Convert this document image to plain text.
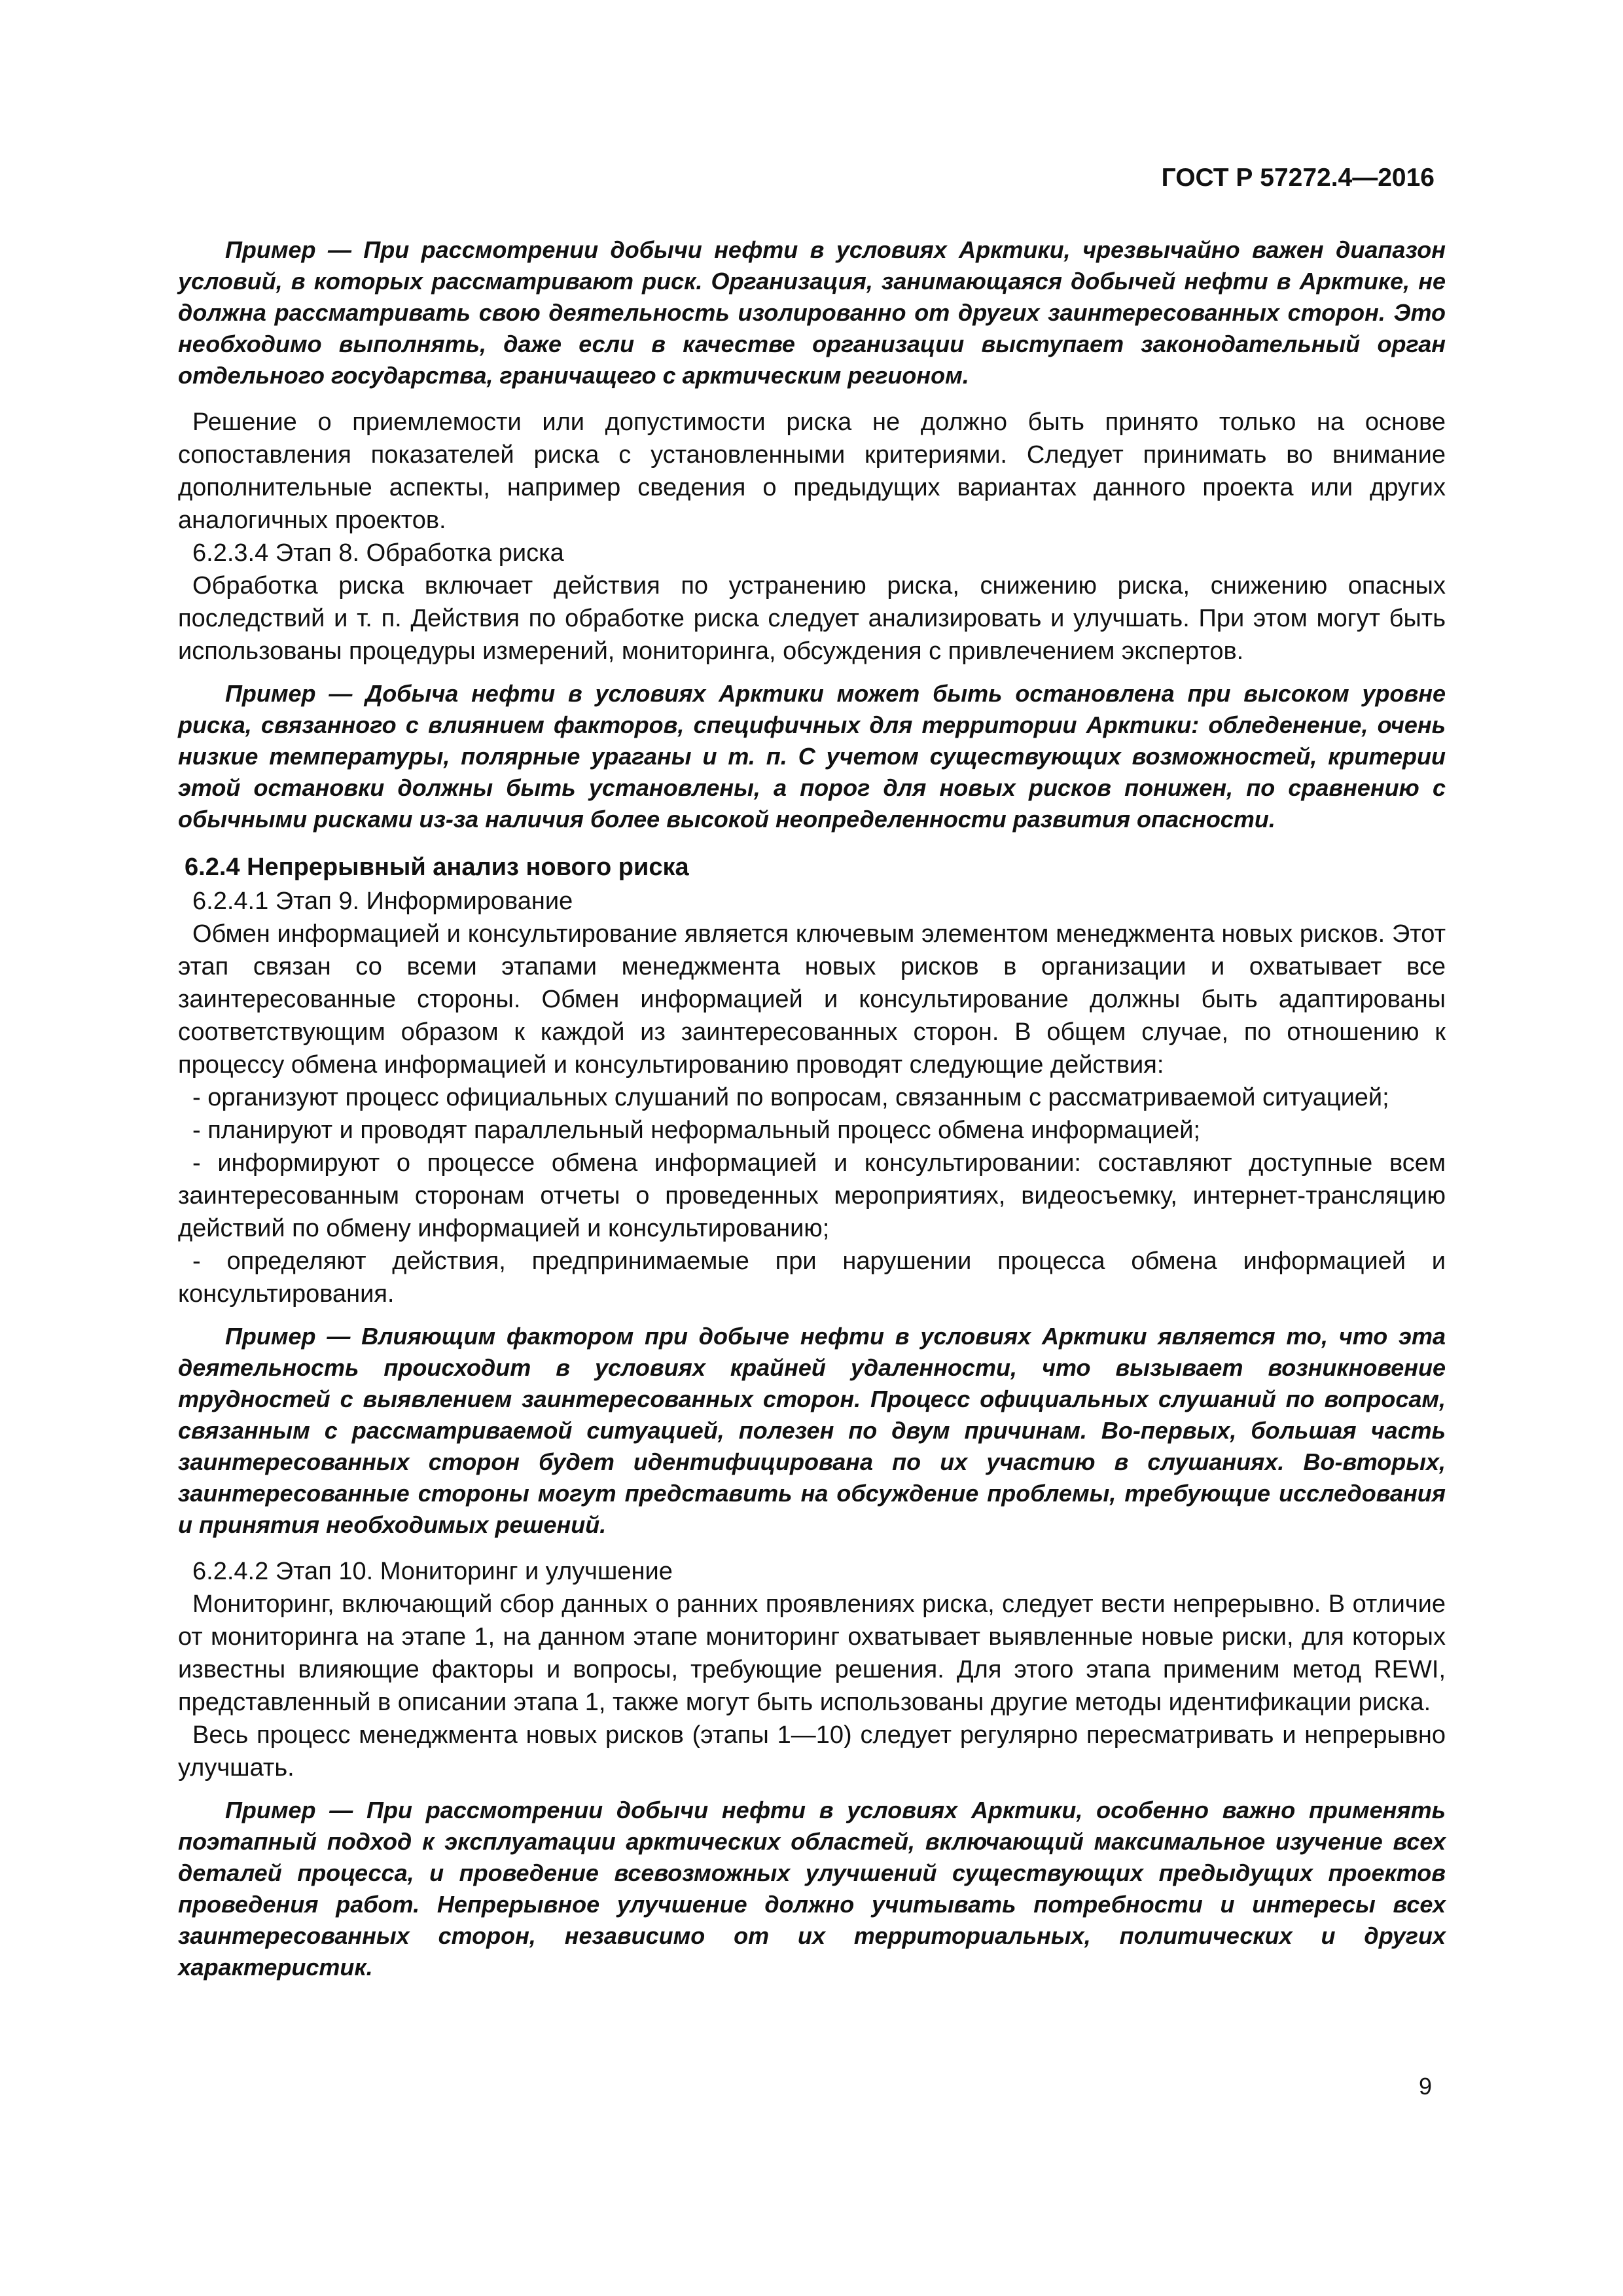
ГОСТ Р 57272.4—2016

Пример — При рассмотрении добычи нефти в условиях Арктики, чрезвычайно важен диапазон условий, в которых рассматривают риск. Организация, занимающаяся добычей нефти в Арктике, не должна рассматривать свою деятельность изолированно от других заинтересованных сторон. Это необходимо выполнять, даже если в качестве организации выступает законодательный орган отдельного государства, граничащего с арктическим регионом.

Решение о приемлемости или допустимости риска не должно быть принято только на основе сопоставления показателей риска с установленными критериями. Следует принимать во внимание дополнительные аспекты, например сведения о предыдущих вариантах данного проекта или других аналогичных проектов.

6.2.3.4 Этап 8. Обработка риска

Обработка риска включает действия по устранению риска, снижению риска, снижению опасных последствий и т. п. Действия по обработке риска следует анализировать и улучшать. При этом могут быть использованы процедуры измерений, мониторинга, обсуждения с привлечением экспертов.

Пример — Добыча нефти в условиях Арктики может быть остановлена при высоком уровне риска, связанного с влиянием факторов, специфичных для территории Арктики: обледенение, очень низкие температуры, полярные ураганы и т. п. С учетом существующих возможностей, критерии этой остановки должны быть установлены, а порог для новых рисков понижен, по сравнению с обычными рисками из-за наличия более высокой неопределенности развития опасности.

6.2.4 Непрерывный анализ нового риска

6.2.4.1 Этап 9. Информирование

Обмен информацией и консультирование является ключевым элементом менеджмента новых рисков. Этот этап связан со всеми этапами менеджмента новых рисков в организации и охватывает все заинтересованные стороны. Обмен информацией и консультирование должны быть адаптированы соответствующим образом к каждой из заинтересованных сторон. В общем случае, по отношению к процессу обмена информацией и консультированию проводят следующие действия:

- организуют процесс официальных слушаний по вопросам, связанным с рассматриваемой ситуацией;

- планируют и проводят параллельный неформальный процесс обмена информацией;

- информируют о процессе обмена информацией и консультировании: составляют доступные всем заинтересованным сторонам отчеты о проведенных мероприятиях, видеосъемку, интернет-трансляцию действий по обмену информацией и консультированию;

- определяют действия, предпринимаемые при нарушении процесса обмена информацией и консультирования.

Пример — Влияющим фактором при добыче нефти в условиях Арктики является то, что эта деятельность происходит в условиях крайней удаленности, что вызывает возникновение трудностей с выявлением заинтересованных сторон. Процесс официальных слушаний по вопросам, связанным с рассматриваемой ситуацией, полезен по двум причинам. Во-первых, большая часть заинтересованных сторон будет идентифицирована по их участию в слушаниях. Во-вторых, заинтересованные стороны могут представить на обсуждение проблемы, требующие исследования и принятия необходимых решений.

6.2.4.2 Этап 10. Мониторинг и улучшение

Мониторинг, включающий сбор данных о ранних проявлениях риска, следует вести непрерывно. В отличие от мониторинга на этапе 1, на данном этапе мониторинг охватывает выявленные новые риски, для которых известны влияющие факторы и вопросы, требующие решения. Для этого этапа применим метод REWI, представленный в описании этапа 1, также могут быть использованы другие методы идентификации риска.

Весь процесс менеджмента новых рисков (этапы 1—10) следует регулярно пересматривать и непрерывно улучшать.

Пример — При рассмотрении добычи нефти в условиях Арктики, особенно важно применять поэтапный подход к эксплуатации арктических областей, включающий максимальное изучение всех деталей процесса, и проведение всевозможных улучшений существующих предыдущих проектов проведения работ. Непрерывное улучшение должно учитывать потребности и интересы всех заинтересованных сторон, независимо от их территориальных, политических и других характеристик.

9
